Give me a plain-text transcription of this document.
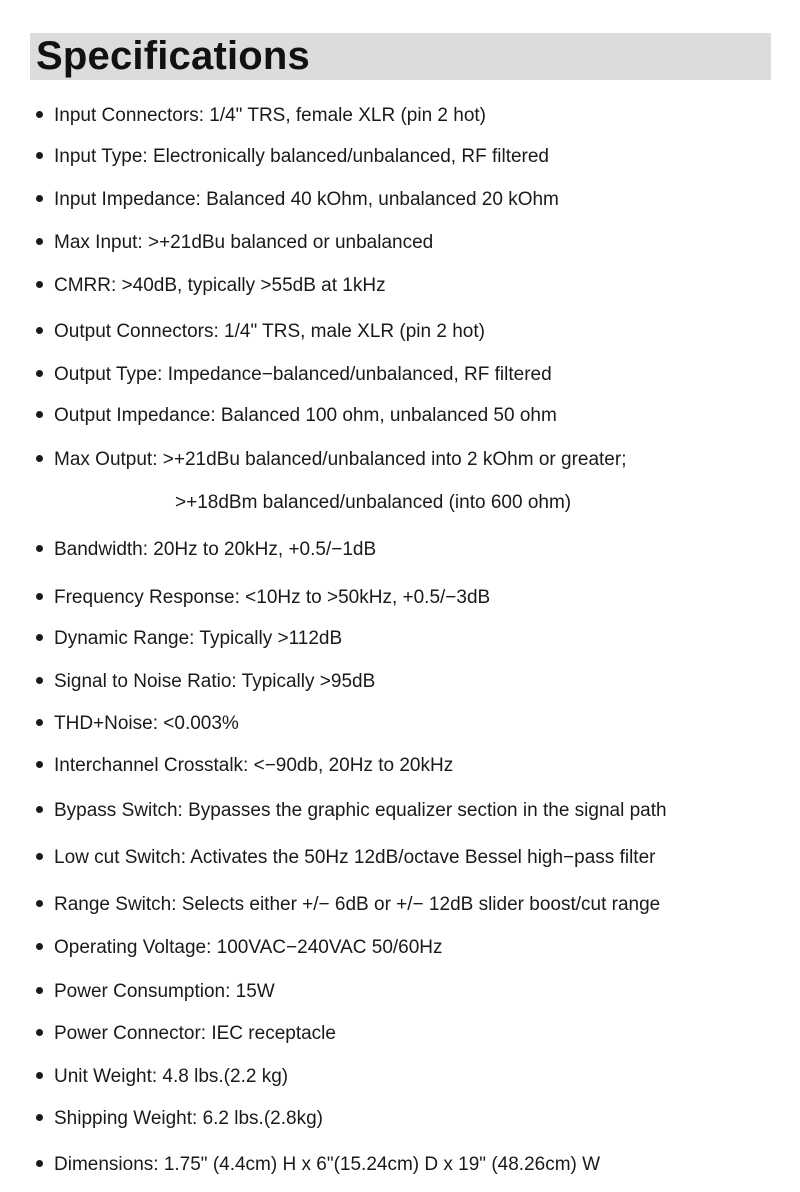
Specifications
Input Connectors: 1/4" TRS, female XLR (pin 2 hot)
Input Type: Electronically balanced/unbalanced, RF filtered
Input Impedance: Balanced 40 kOhm, unbalanced 20 kOhm
Max Input: >+21dBu balanced or unbalanced
CMRR: >40dB, typically >55dB at 1kHz
Output Connectors: 1/4" TRS, male XLR (pin 2 hot)
Output Type: Impedance−balanced/unbalanced, RF filtered
Output Impedance: Balanced 100 ohm, unbalanced 50 ohm
Max Output: >+21dBu balanced/unbalanced into 2 kOhm or greater;
>+18dBm balanced/unbalanced (into 600 ohm)
Bandwidth: 20Hz to 20kHz, +0.5/−1dB
Frequency Response: <10Hz to >50kHz, +0.5/−3dB
Dynamic Range: Typically >112dB
Signal to Noise Ratio: Typically >95dB
THD+Noise: <0.003%
Interchannel Crosstalk: <−90db, 20Hz to 20kHz
Bypass Switch: Bypasses the graphic equalizer section in the signal path
Low cut Switch: Activates the 50Hz 12dB/octave Bessel high−pass filter
Range Switch: Selects either +/− 6dB or +/− 12dB slider boost/cut range
Operating Voltage: 100VAC−240VAC 50/60Hz
Power Consumption: 15W
Power Connector: IEC receptacle
Unit Weight: 4.8 lbs.(2.2 kg)
Shipping Weight: 6.2 lbs.(2.8kg)
Dimensions: 1.75" (4.4cm) H x 6"(15.24cm) D x 19" (48.26cm) W
